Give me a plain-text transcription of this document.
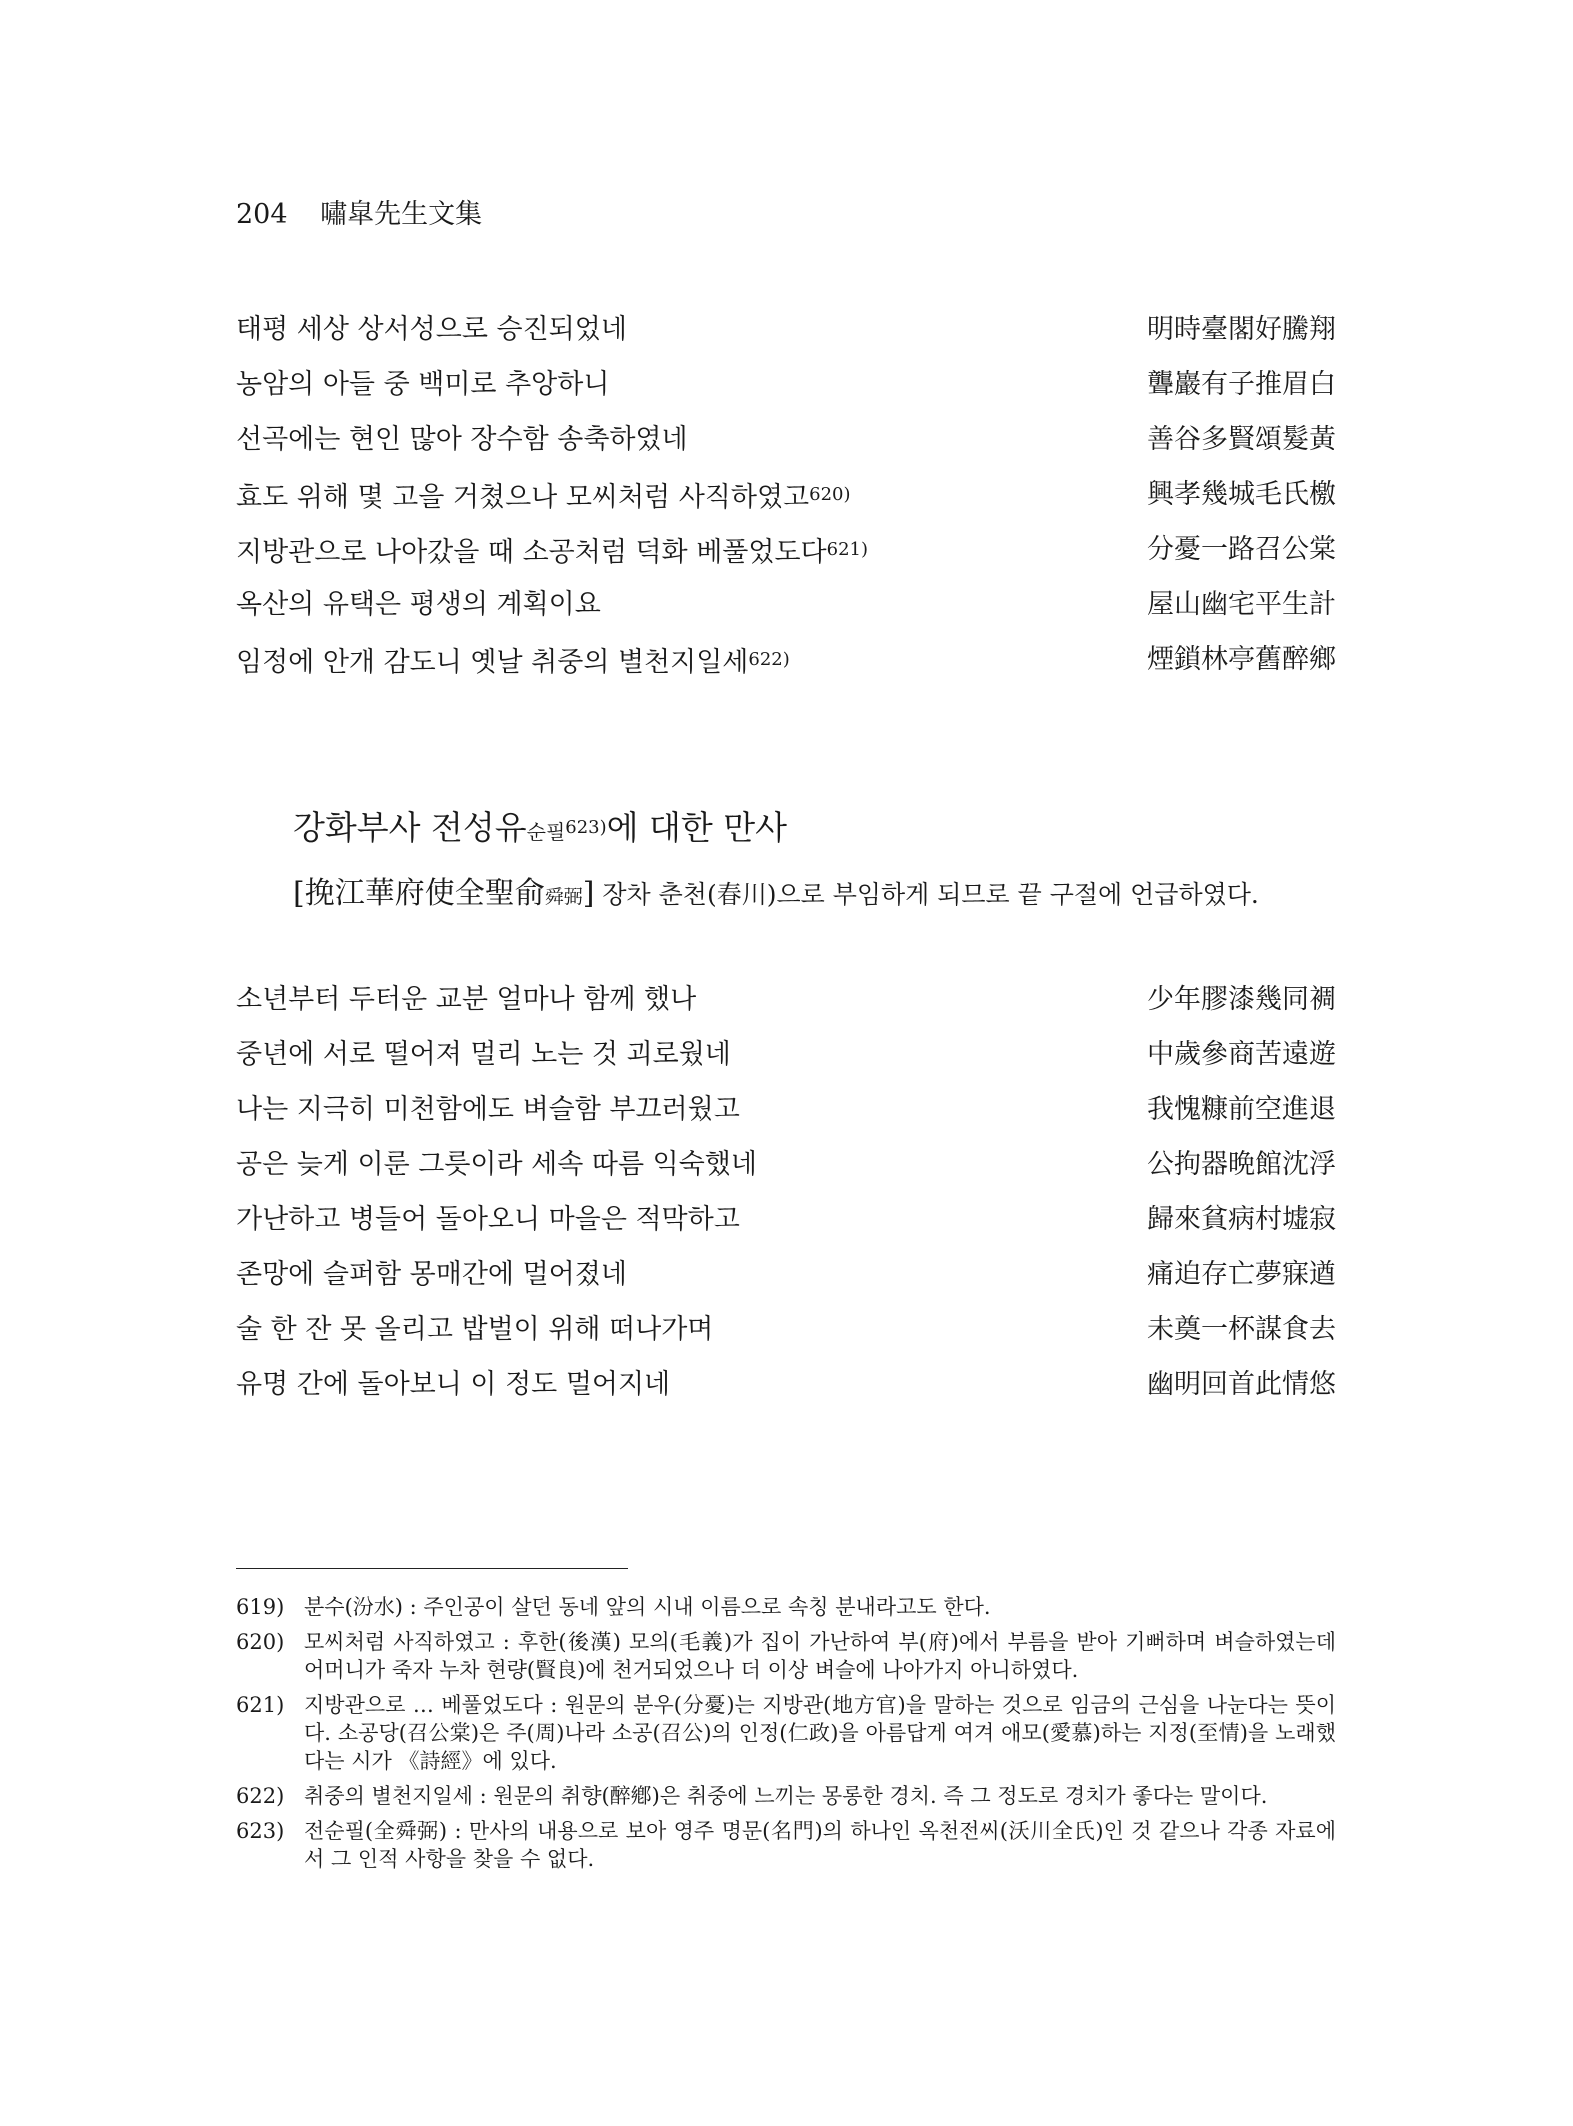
204 嘯皐先生文集
태평 세상 상서성으로 승진되었네	明時臺閣好騰翔
농암의 아들 중 백미로 추앙하니	聾巖有子推眉白
선곡에는 현인 많아 장수함 송축하였네	善谷多賢頌髮黃
효도 위해 몇 고을 거쳤으나 모씨처럼 사직하였고$^{620)}$	興孝幾城毛氏檄
지방관으로 나아갔을 때 소공처럼 덕화 베풀었도다$^{621)}$	分憂一路召公棠
옥산의 유택은 평생의 계획이요	屋山幽宅平生計
임정에 안개 감도니 옛날 취중의 별천지일세$^{622)}$	煙鎖林亭舊醉鄉
강화부사 전성유순필$^{623)}$에 대한 만사
[挽江華府使全聖俞舜弼] 장차 춘천(春川)으로 부임하게 되므로 끝 구절에 언급하였다.
소년부터 두터운 교분 얼마나 함께 했나	少年膠漆幾同裯
중년에 서로 떨어져 멀리 노는 것 괴로웠네	中歲參商苦遠遊
나는 지극히 미천함에도 벼슬함 부끄러웠고	我愧糠前空進退
공은 늦게 이룬 그릇이라 세속 따름 익숙했네	公拘器晩館沈浮
가난하고 병들어 돌아오니 마을은 적막하고	歸來貧病村墟寂
존망에 슬퍼함 몽매간에 멀어졌네	痛迫存亡夢寐遒
술 한 잔 못 올리고 밥벌이 위해 떠나가며	未奠一杯謀食去
유명 간에 돌아보니 이 정도 멀어지네	幽明回首此情悠
619) 분수(汾水) : 주인공이 살던 동네 앞의 시내 이름으로 속칭 분내라고도 한다.
620) 모씨처럼 사직하였고 : 후한(後漢) 모의(毛義)가 집이 가난하여 부(府)에서 부름을 받아 기뻐하며 벼슬하였는데 어머니가 죽자 누차 현량(賢良)에 천거되었으나 더 이상 벼슬에 나아가지 아니하였다.
621) 지방관으로 … 베풀었도다 : 원문의 분우(分憂)는 지방관(地方官)을 말하는 것으로 임금의 근심을 나눈다는 뜻이다. 소공당(召公棠)은 주(周)나라 소공(召公)의 인정(仁政)을 아름답게 여겨 애모(愛慕)하는 지정(至情)을 노래했다는 시가 《詩經》에 있다.
622) 취중의 별천지일세 : 원문의 취향(醉鄕)은 취중에 느끼는 몽롱한 경치. 즉 그 정도로 경치가 좋다는 말이다.
623) 전순필(全舜弼) : 만사의 내용으로 보아 영주 명문(名門)의 하나인 옥천전씨(沃川全氏)인 것 같으나 각종 자료에서 그 인적 사항을 찾을 수 없다.
